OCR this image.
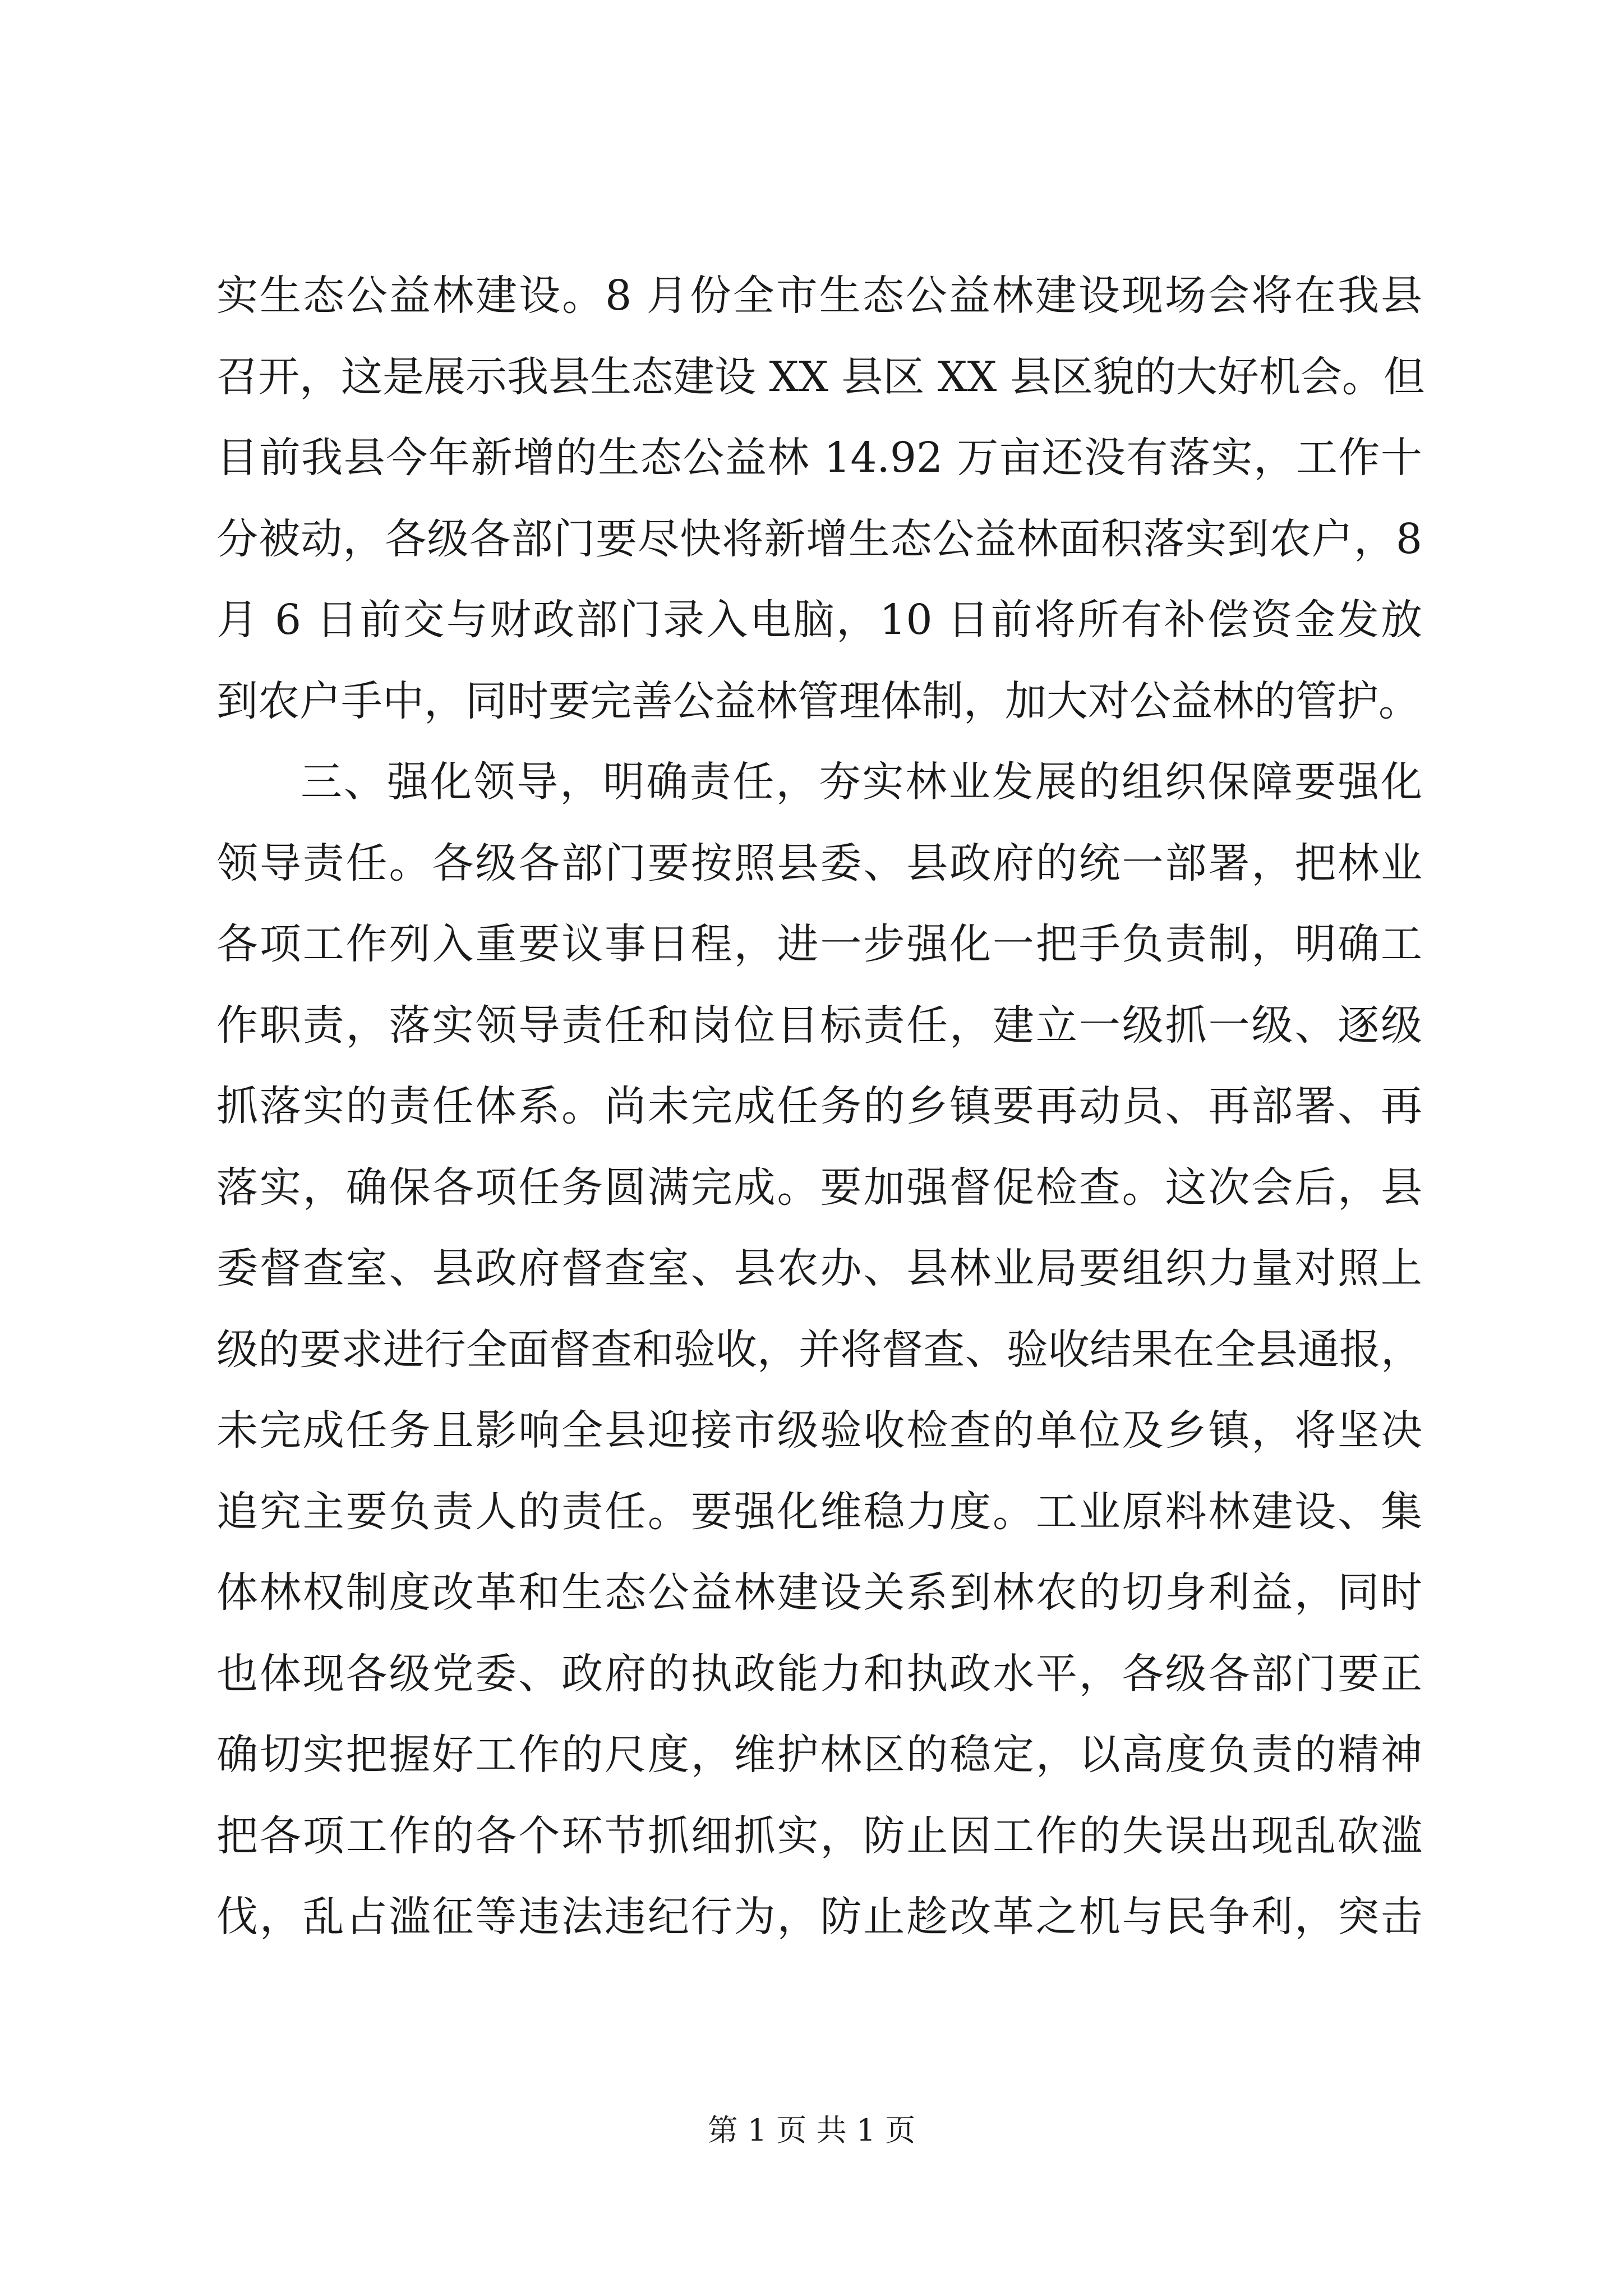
实生态公益林建设。8 月份全市生态公益林建设现场会将在我县
召开，这是展示我县生态建设 XX 县区 XX 县区貌的大好机会。但
目前我县今年新增的生态公益林 14.92 万亩还没有落实，工作十
分被动，各级各部门要尽快将新增生态公益林面积落实到农户，8
月 6 日前交与财政部门录入电脑，10 日前将所有补偿资金发放
到农户手中，同时要完善公益林管理体制，加大对公益林的管护。
三、强化领导，明确责任，夯实林业发展的组织保障要强化
领导责任。各级各部门要按照县委、县政府的统一部署，把林业
各项工作列入重要议事日程，进一步强化一把手负责制，明确工
作职责，落实领导责任和岗位目标责任，建立一级抓一级、逐级
抓落实的责任体系。尚未完成任务的乡镇要再动员、再部署、再
落实，确保各项任务圆满完成。要加强督促检查。这次会后，县
委督查室、县政府督查室、县农办、县林业局要组织力量对照上
级的要求进行全面督查和验收，并将督查、验收结果在全县通报，
未完成任务且影响全县迎接市级验收检查的单位及乡镇，将坚决
追究主要负责人的责任。要强化维稳力度。工业原料林建设、集
体林权制度改革和生态公益林建设关系到林农的切身利益，同时
也体现各级党委、政府的执政能力和执政水平，各级各部门要正
确切实把握好工作的尺度，维护林区的稳定，以高度负责的精神
把各项工作的各个环节抓细抓实，防止因工作的失误出现乱砍滥
伐，乱占滥征等违法违纪行为，防止趁改革之机与民争利，突击
第 1 页 共 1 页
